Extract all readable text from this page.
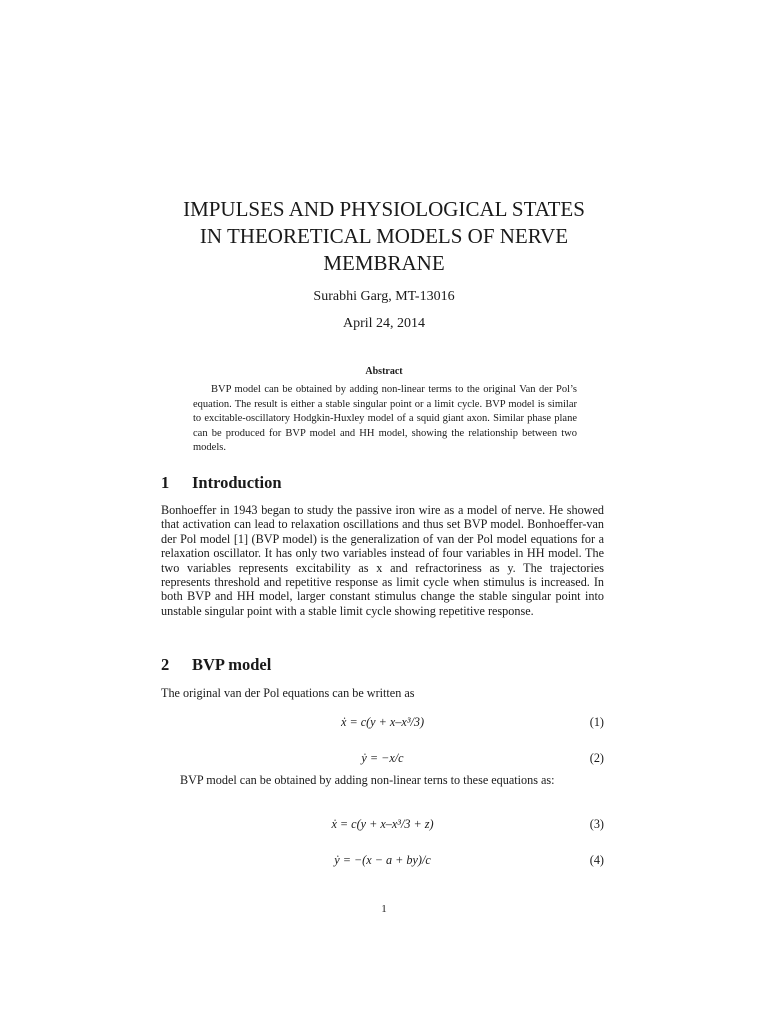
IMPULSES AND PHYSIOLOGICAL STATES
IN THEORETICAL MODELS OF NERVE
MEMBRANE
Surabhi Garg, MT-13016
April 24, 2014
Abstract
BVP model can be obtained by adding non-linear terms to the original Van der Pol’s equation. The result is either a stable singular point or a limit cycle. BVP model is similar to excitable-oscillatory Hodgkin-Huxley model of a squid giant axon. Similar phase plane can be produced for BVP model and HH model, showing the relationship between two models.
1 Introduction
Bonhoeffer in 1943 began to study the passive iron wire as a model of nerve. He showed that activation can lead to relaxation oscillations and thus set BVP model. Bonhoeffer-van der Pol model [1] (BVP model) is the generalization of van der Pol model equations for a relaxation oscillator. It has only two variables instead of four variables in HH model. The two variables represents excitability as x and refractoriness as y. The trajectories represents threshold and repetitive response as limit cycle when stimulus is increased. In both BVP and HH model, larger constant stimulus change the stable singular point into unstable singular point with a stable limit cycle showing repetitive response.
2 BVP model
The original van der Pol equations can be written as
ẋ = c(y + x–x³/3)	(1)
ẏ = −x/c	(2)
BVP model can be obtained by adding non-linear terns to these equations as:
ẋ = c(y + x–x³/3 + z)	(3)
ẏ = −(x − a + by)/c	(4)
1
